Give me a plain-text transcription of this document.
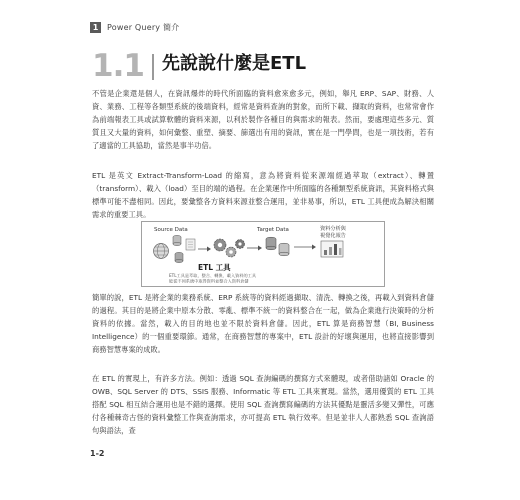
1	Power Query 簡介
1.1 先說說什麼是ETL

不管是企業還是個人，在資訊爆炸的時代所面臨的資料愈來愈多元，例如，舉凡 ERP、SAP、財務、人資、業務、工程等各類型系統的後端資料，經常是資料查詢的對象，而所下載、擷取的資料，也常常會作為前端報表工具或試算軟體的資料來源，以利於製作各種目的與需求的報表。然而，要處理這些多元、質質且又大量的資料，如何彙整、重塑、摘要、篩選出有用的資訊，實在是一門學問，也是一項技術，若有了適當的工具協助，當然是事半功倍。

ETL 是英文 Extract-Transform-Load 的縮寫，意為將資料從來源端經過萃取（extract）、轉置（transform）、載入（load）至目的端的過程。在企業運作中所面臨的各種類型系統資訊，其資料格式與標準可能不盡相同。因此，要彙整各方資料來源並整合運用，並非易事，所以，ETL 工具便成為解決相關需求的重要工具。

Source Data	Target Data	資料分析與
視覺化報告
ETL 工具
ETL工具是萃取、整合、轉換、載入資料的工具
能從不同系統中取得資料並整合入資料倉儲

簡單的說，ETL 是將企業的業務系統、ERP 系統等的資料經過擷取、清洗、轉換之後，再載入到資料倉儲的過程。其目的是將企業中原本分散、零亂、標準不統一的資料整合在一起，做為企業進行決策時的分析資料的依據。當然，載入的目的地也並不限於資料倉儲。因此，ETL 算是商務智慧（BI, Business Intelligence）的一個重要環節。通常，在商務智慧的專案中，ETL 設計的好壞與運用，也將直接影響到商務智慧專案的成敗。

在 ETL 的實現上，有許多方法。例如：透過 SQL 查詢編碼的撰寫方式來體現，或者借助諸如 Oracle 的 OWB、SQL Server 的 DTS、SSIS 服務、Informatic 等 ETL 工具來實現。當然，選用優質的 ETL 工具搭配 SQL 相互結合運用也是不錯的選擇。使用 SQL 查詢撰寫編碼的方法其優點是靈活多變又彈性，可應付各種棘奇古怪的資料彙整工作與查詢需求，亦可提高 ETL 執行效率。但是並非人人都熟悉 SQL 查詢語句與語法，查

1-2
